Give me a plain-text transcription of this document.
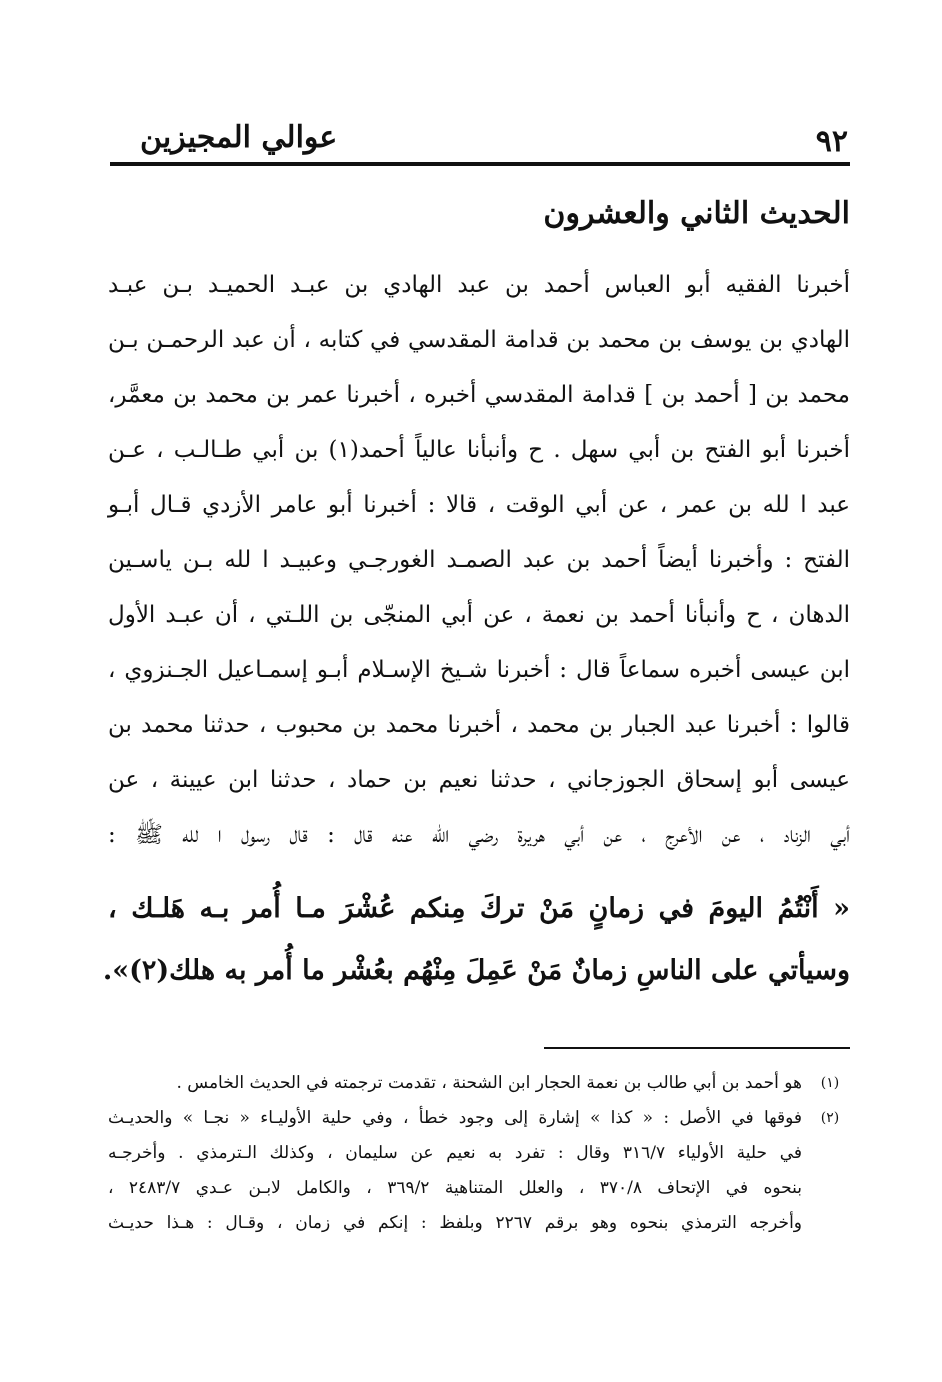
٩٢
عوالي المجيزين
الحديث الثاني والعشرون
أخبرنا الفقيه أبو العباس أحمد بن عبد الهادي بن عبـد الحميـد بـن عبـد
الهادي بن يوسف بن محمد بن قدامة المقدسي في كتابه ، أن عبد الرحمـن بـن
محمد بن [ أحمد بن ] قدامة المقدسي أخبره ، أخبرنا عمر بن محمد بن معمَّر،
أخبرنا أبو الفتح بن أبي سهل . ح وأنبأنا عالياً أحمد(١) بن أبي طـالـب ، عـن
عبد ا لله بن عمر ، عن أبي الوقت ، قالا : أخبرنا أبو عامر الأزدي قـال أبـو
الفتح : وأخبرنا أيضاً أحمد بن عبد الصمـد الغورجـي وعبيـد ا لله بـن ياسـين
الدهان ، ح وأنبأنا أحمد بن نعمة ، عن أبي المنجّى بن اللـتي ، أن عبـد الأول
ابن عيسى أخبره سماعاً قال : أخبرنا شـيخ الإسـلام أبـو إسمـاعيل الجـنزوي ،
قالوا : أخبرنا عبد الجبار بن محمد ، أخبرنا محمد بن محبوب ، حدثنا محمد بن
عيسى أبو إسحاق الجوزجاني ، حدثنا نعيم بن حماد ، حدثنا ابن عيينة ، عن
أبي الزناد ، عن الأعرج ، عن أبي هريرة رضي الله عنه قال : قال رسول ا لله ﷺ :
« أَنْتُمُ اليومَ في زمانٍ مَنْ تركَ مِنكم عُشْرَ مـا أُمر بـه هَلـك ،
وسيأتي على الناسِ زمانٌ مَنْ عَمِلَ مِنْهُم بعُشْر ما أُمر به هلك(٢)».
(١)
هو أحمد بن أبي طالب بن نعمة الحجار ابن الشحنة ، تقدمت ترجمته في الحديث الخامس .
(٢)
فوقها في الأصل : « كذا » إشارة إلى وجود خطأ ، وفي حلية الأوليـاء « نجـا » والحديـث
في حلية الأولياء ٣١٦/٧ وقال : تفرد به نعيم عن سليمان ، وكذلك الـترمذي . وأخرجـه
بنحوه في الإتحاف ٣٧٠/٨ ، والعلل المتناهية ٣٦٩/٢ ، والكامل لابـن عـدي ٢٤٨٣/٧ ،
وأخرجه الترمذي بنحوه وهو برقم ٢٢٦٧ وبلفظ : إنكم في زمان ، وقـال : هـذا حديـث
